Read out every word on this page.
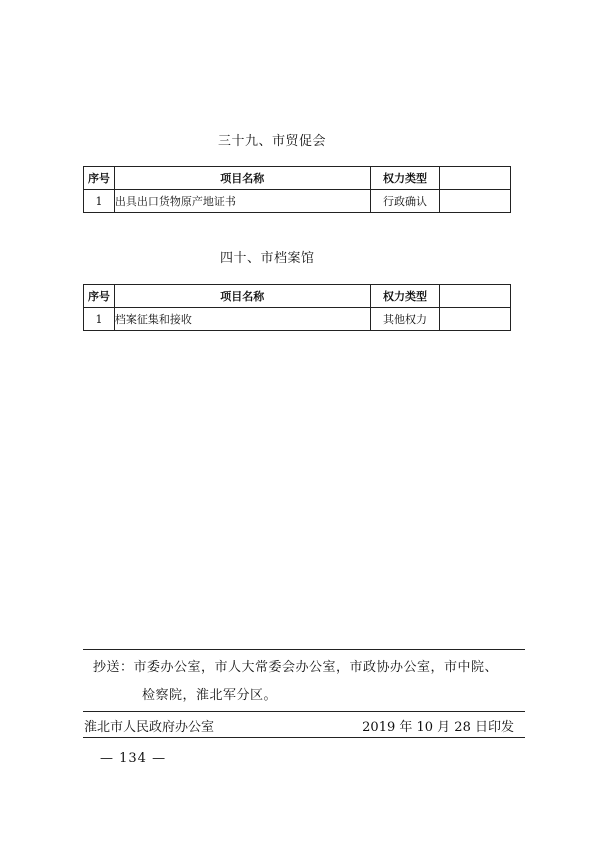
三十九、市贸促会
序号	项目名称	权力类型	
1	出具出口货物原产地证书	行政确认	
四十、市档案馆
序号	项目名称	权力类型	
1	档案征集和接收	其他权力	
抄送：市委办公室，市人大常委会办公室，市政协办公室，市中院、
检察院，淮北军分区。
淮北市人民政府办公室	2019 年 10 月 28 日印发
— 134 —
